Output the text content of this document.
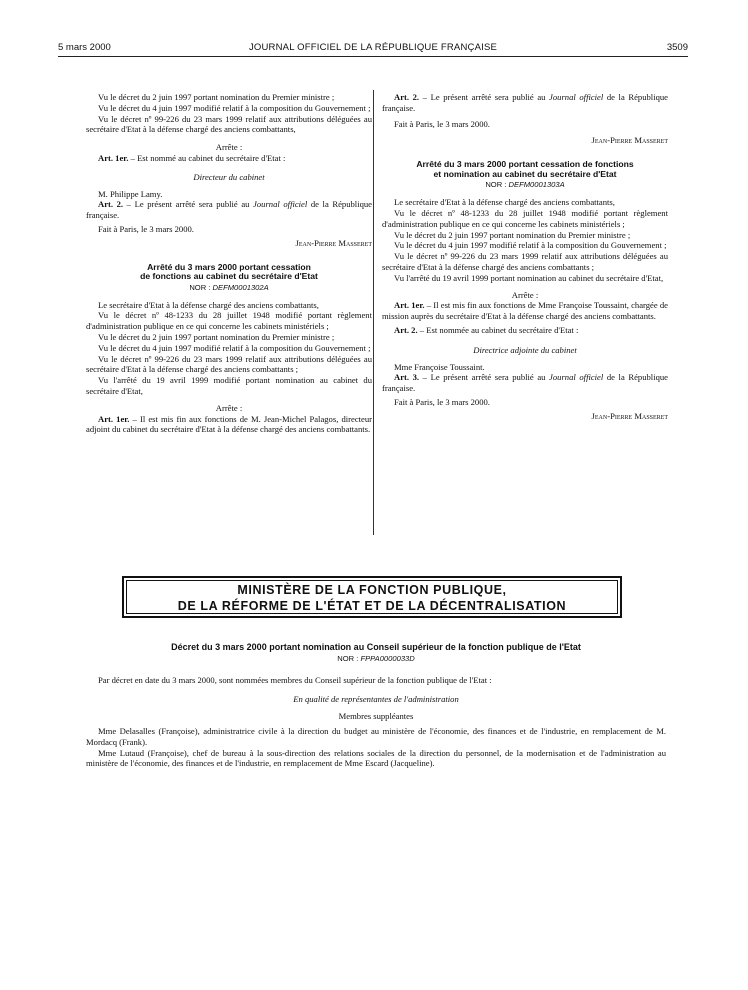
5 mars 2000	JOURNAL OFFICIEL DE LA RÉPUBLIQUE FRANÇAISE	3509

Vu le décret du 2 juin 1997 portant nomination du Premier ministre ;

Vu le décret du 4 juin 1997 modifié relatif à la composition du Gouvernement ;

Vu le décret nº 99-226 du 23 mars 1999 relatif aux attributions déléguées au secrétaire d'Etat à la défense chargé des anciens combattants,

Arrête :

Art. 1er. – Est nommé au cabinet du secrétaire d'Etat :

Directeur du cabinet

M. Philippe Lamy.

Art. 2. – Le présent arrêté sera publié au Journal officiel de la République française.

Fait à Paris, le 3 mars 2000.

Jean-Pierre Masseret

Arrêté du 3 mars 2000 portant cessation
de fonctions au cabinet du secrétaire d'Etat

NOR : DEFM0001302A

Le secrétaire d'Etat à la défense chargé des anciens combattants,

Vu le décret nº 48-1233 du 28 juillet 1948 modifié portant règlement d'administration publique en ce qui concerne les cabinets ministériels ;

Vu le décret du 2 juin 1997 portant nomination du Premier ministre ;

Vu le décret du 4 juin 1997 modifié relatif à la composition du Gouvernement ;

Vu le décret nº 99-226 du 23 mars 1999 relatif aux attributions déléguées au secrétaire d'Etat à la défense chargé des anciens combattants ;

Vu l'arrêté du 19 avril 1999 modifié portant nomination au cabinet du secrétaire d'Etat,

Arrête :

Art. 1er. – Il est mis fin aux fonctions de M. Jean-Michel Palagos, directeur adjoint du cabinet du secrétaire d'Etat à la défense chargé des anciens combattants.

Art. 2. – Le présent arrêté sera publié au Journal officiel de la République française.

Fait à Paris, le 3 mars 2000.

Jean-Pierre Masseret

Arrêté du 3 mars 2000 portant cessation de fonctions
et nomination au cabinet du secrétaire d'Etat

NOR : DEFM0001303A

Le secrétaire d'Etat à la défense chargé des anciens combattants,

Vu le décret nº 48-1233 du 28 juillet 1948 modifié portant règlement d'administration publique en ce qui concerne les cabinets ministériels ;

Vu le décret du 2 juin 1997 portant nomination du Premier ministre ;

Vu le décret du 4 juin 1997 modifié relatif à la composition du Gouvernement ;

Vu le décret nº 99-226 du 23 mars 1999 relatif aux attributions déléguées au secrétaire d'Etat à la défense chargé des anciens combattants ;

Vu l'arrêté du 19 avril 1999 portant nomination au cabinet du secrétaire d'Etat,

Arrête :

Art. 1er. – Il est mis fin aux fonctions de Mme Françoise Toussaint, chargée de mission auprès du secrétaire d'Etat à la défense chargé des anciens combattants.

Art. 2. – Est nommée au cabinet du secrétaire d'Etat :

Directrice adjointe du cabinet

Mme Françoise Toussaint.

Art. 3. – Le présent arrêté sera publié au Journal officiel de la République française.

Fait à Paris, le 3 mars 2000.

Jean-Pierre Masseret

MINISTÈRE DE LA FONCTION PUBLIQUE,
DE LA RÉFORME DE L'ÉTAT ET DE LA DÉCENTRALISATION

Décret du 3 mars 2000 portant nomination au Conseil supérieur de la fonction publique de l'Etat

NOR : FPPA0000033D

Par décret en date du 3 mars 2000, sont nommées membres du Conseil supérieur de la fonction publique de l'Etat :

En qualité de représentantes de l'administration

Membres suppléantes

Mme Delasalles (Françoise), administratrice civile à la direction du budget au ministère de l'économie, des finances et de l'industrie, en remplacement de M. Mordacq (Frank).

Mme Lutaud (Françoise), chef de bureau à la sous-direction des relations sociales de la direction du personnel, de la modernisation et de l'administration au ministère de l'économie, des finances et de l'industrie, en remplacement de Mme Escard (Jacqueline).
